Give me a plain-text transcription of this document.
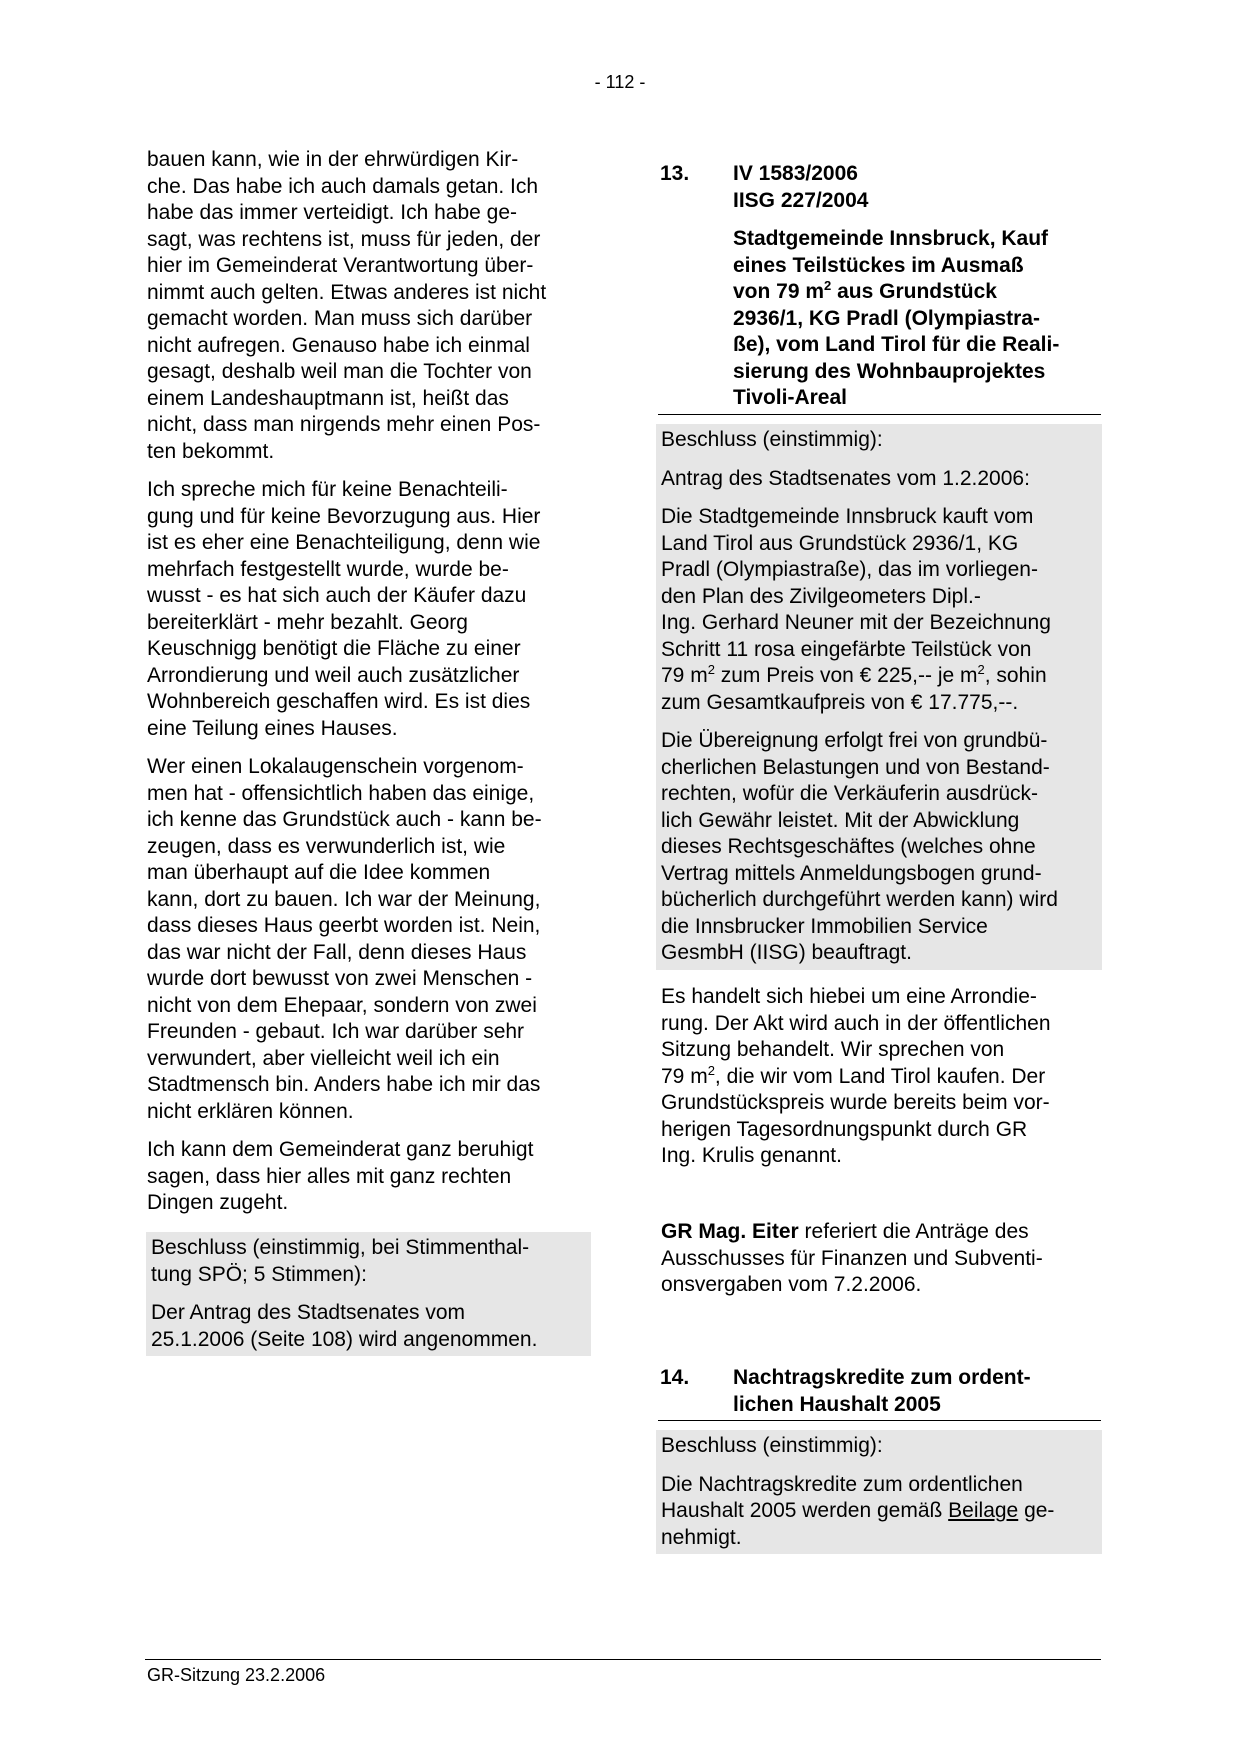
- 112 -

bauen kann, wie in der ehrwürdigen Kir-
che. Das habe ich auch damals getan. Ich
habe das immer verteidigt. Ich habe ge-
sagt, was rechtens ist, muss für jeden, der
hier im Gemeinderat Verantwortung über-
nimmt auch gelten. Etwas anderes ist nicht
gemacht worden. Man muss sich darüber
nicht aufregen. Genauso habe ich einmal
gesagt, deshalb weil man die Tochter von
einem Landeshauptmann ist, heißt das
nicht, dass man nirgends mehr einen Pos-
ten bekommt.

Ich spreche mich für keine Benachteili-
gung und für keine Bevorzugung aus. Hier
ist es eher eine Benachteiligung, denn wie
mehrfach festgestellt wurde, wurde be-
wusst - es hat sich auch der Käufer dazu
bereiterklärt - mehr bezahlt. Georg
Keuschnigg benötigt die Fläche zu einer
Arrondierung und weil auch zusätzlicher
Wohnbereich geschaffen wird. Es ist dies
eine Teilung eines Hauses.

Wer einen Lokalaugenschein vorgenom-
men hat - offensichtlich haben das einige,
ich kenne das Grundstück auch - kann be-
zeugen, dass es verwunderlich ist, wie
man überhaupt auf die Idee kommen
kann, dort zu bauen. Ich war der Meinung,
dass dieses Haus geerbt worden ist. Nein,
das war nicht der Fall, denn dieses Haus
wurde dort bewusst von zwei Menschen -
nicht von dem Ehepaar, sondern von zwei
Freunden - gebaut. Ich war darüber sehr
verwundert, aber vielleicht weil ich ein
Stadtmensch bin. Anders habe ich mir das
nicht erklären können.

Ich kann dem Gemeinderat ganz beruhigt
sagen, dass hier alles mit ganz rechten
Dingen zugeht.

Beschluss (einstimmig, bei Stimmenthal-
tung SPÖ; 5 Stimmen):

Der Antrag des Stadtsenates vom
25.1.2006 (Seite 108) wird angenommen.

13. IV 1583/2006
IISG 227/2004
Stadtgemeinde Innsbruck, Kauf
eines Teilstückes im Ausmaß
von 79 $m^2$ aus Grundstück
2936/1, KG Pradl (Olympiastra-
ße), vom Land Tirol für die Reali-
sierung des Wohnbauprojektes
Tivoli-Areal

Beschluss (einstimmig):

Antrag des Stadtsenates vom 1.2.2006:

Die Stadtgemeinde Innsbruck kauft vom
Land Tirol aus Grundstück 2936/1, KG
Pradl (Olympiastraße), das im vorliegen-
den Plan des Zivilgeometers Dipl.-
Ing. Gerhard Neuner mit der Bezeichnung
Schritt 11 rosa eingefärbte Teilstück von
79 $m^2$ zum Preis von € 225,-- je $m^2$, sohin
zum Gesamtkaufpreis von € 17.775,--.

Die Übereignung erfolgt frei von grundbü-
cherlichen Belastungen und von Bestand-
rechten, wofür die Verkäuferin ausdrück-
lich Gewähr leistet. Mit der Abwicklung
dieses Rechtsgeschäftes (welches ohne
Vertrag mittels Anmeldungsbogen grund-
bücherlich durchgeführt werden kann) wird
die Innsbrucker Immobilien Service
GesmbH (IISG) beauftragt.

Es handelt sich hiebei um eine Arrondie-
rung. Der Akt wird auch in der öffentlichen
Sitzung behandelt. Wir sprechen von
79 $m^2$, die wir vom Land Tirol kaufen. Der
Grundstückspreis wurde bereits beim vor-
herigen Tagesordnungspunkt durch GR
Ing. Krulis genannt.

GR Mag. Eiter referiert die Anträge des
Ausschusses für Finanzen und Subventi-
onsvergaben vom 7.2.2006.

14. Nachtragskredite zum ordent-
lichen Haushalt 2005

Beschluss (einstimmig):

Die Nachtragskredite zum ordentlichen
Haushalt 2005 werden gemäß Beilage ge-
nehmigt.

GR-Sitzung 23.2.2006
